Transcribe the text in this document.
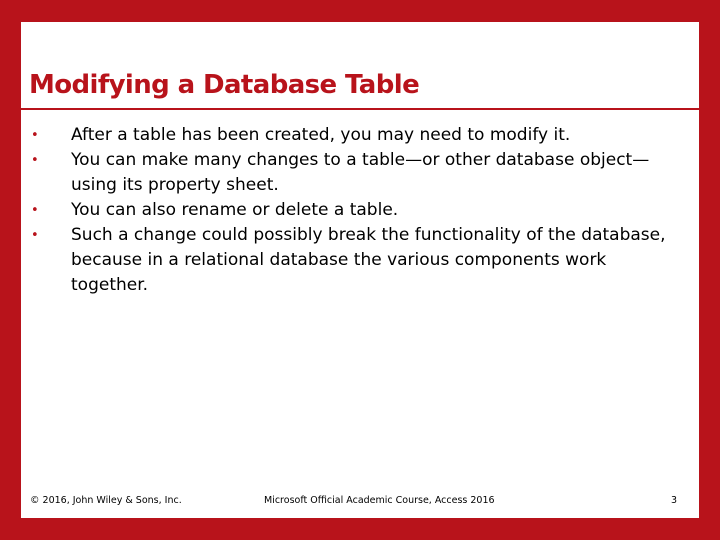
Modifying a Database Table
• After a table has been created, you may need to modify it.
• You can make many changes to a table—or other database object—using its property sheet.
• You can also rename or delete a table.
• Such a change could possibly break the functionality of the database, because in a relational database the various components work together.
© 2016, John Wiley & Sons, Inc.	Microsoft Official Academic Course, Access 2016	3
